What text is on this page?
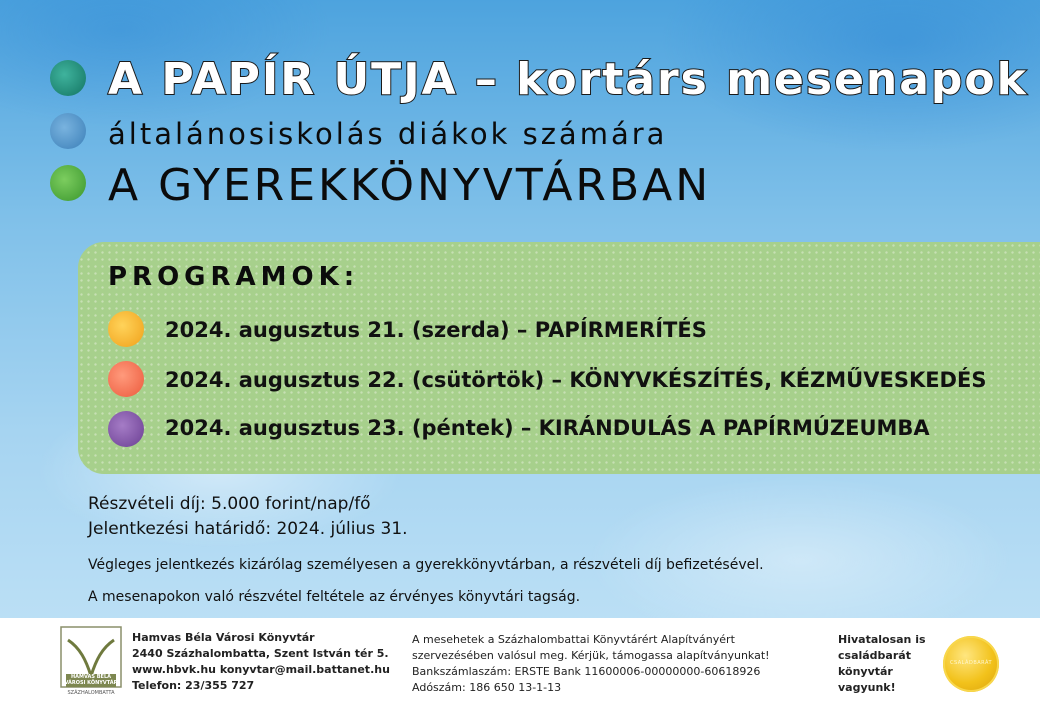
A PAPÍR ÚTJA – kortárs mesenapok
általánosiskolás diákok számára
A GYEREKKÖNYVTÁRBAN
PROGRAMOK:
2024. augusztus 21. (szerda) – PAPÍRMERÍTÉS
2024. augusztus 22. (csütörtök) – KÖNYVKÉSZÍTÉS, KÉZMŰVESKEDÉS
2024. augusztus 23. (péntek) – KIRÁNDULÁS A PAPÍRMÚZEUMBA
Részvételi díj: 5.000 forint/nap/fő
Jelentkezési határidő: 2024. július 31.
Végleges jelentkezés kizárólag személyesen a gyerekkönyvtárban, a részvételi díj befizetésével.
A mesenapokon való részvétel feltétele az érvényes könyvtári tagság.
HAMVAS BÉLA
VÁROSI KÖNYVTÁR
SZÁZHALOMBATTA
Hamvas Béla Városi Könyvtár
2440 Százhalombatta, Szent István tér 5.
www.hbvk.hu konyvtar@mail.battanet.hu
Telefon: 23/355 727
A mesehetek a Százhalombattai Könyvtárért Alapítványért
szervezésében valósul meg. Kérjük, támogassa alapítványunkat!
Bankszámlaszám: ERSTE Bank 11600006-00000000-60618926
Adószám: 186 650 13-1-13
Hivatalosan is
családbarát
könyvtár
vagyunk!
CSALÁDBARÁT
